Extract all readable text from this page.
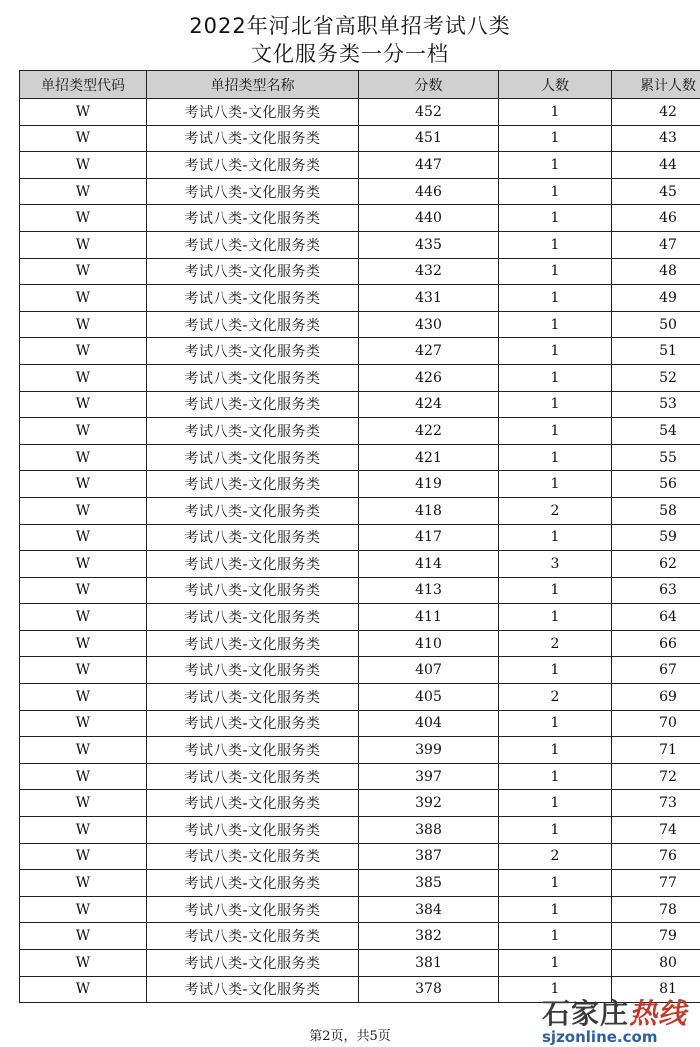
2022年河北省高职单招考试八类
文化服务类一分一档
单招类型代码	单招类型名称	分数	人数	累计人数
W	考试八类-文化服务类	452	1	42
W	考试八类-文化服务类	451	1	43
W	考试八类-文化服务类	447	1	44
W	考试八类-文化服务类	446	1	45
W	考试八类-文化服务类	440	1	46
W	考试八类-文化服务类	435	1	47
W	考试八类-文化服务类	432	1	48
W	考试八类-文化服务类	431	1	49
W	考试八类-文化服务类	430	1	50
W	考试八类-文化服务类	427	1	51
W	考试八类-文化服务类	426	1	52
W	考试八类-文化服务类	424	1	53
W	考试八类-文化服务类	422	1	54
W	考试八类-文化服务类	421	1	55
W	考试八类-文化服务类	419	1	56
W	考试八类-文化服务类	418	2	58
W	考试八类-文化服务类	417	1	59
W	考试八类-文化服务类	414	3	62
W	考试八类-文化服务类	413	1	63
W	考试八类-文化服务类	411	1	64
W	考试八类-文化服务类	410	2	66
W	考试八类-文化服务类	407	1	67
W	考试八类-文化服务类	405	2	69
W	考试八类-文化服务类	404	1	70
W	考试八类-文化服务类	399	1	71
W	考试八类-文化服务类	397	1	72
W	考试八类-文化服务类	392	1	73
W	考试八类-文化服务类	388	1	74
W	考试八类-文化服务类	387	2	76
W	考试八类-文化服务类	385	1	77
W	考试八类-文化服务类	384	1	78
W	考试八类-文化服务类	382	1	79
W	考试八类-文化服务类	381	1	80
W	考试八类-文化服务类	378	1	81
第2页，共5页
石家庄热线
sjzonline.com
